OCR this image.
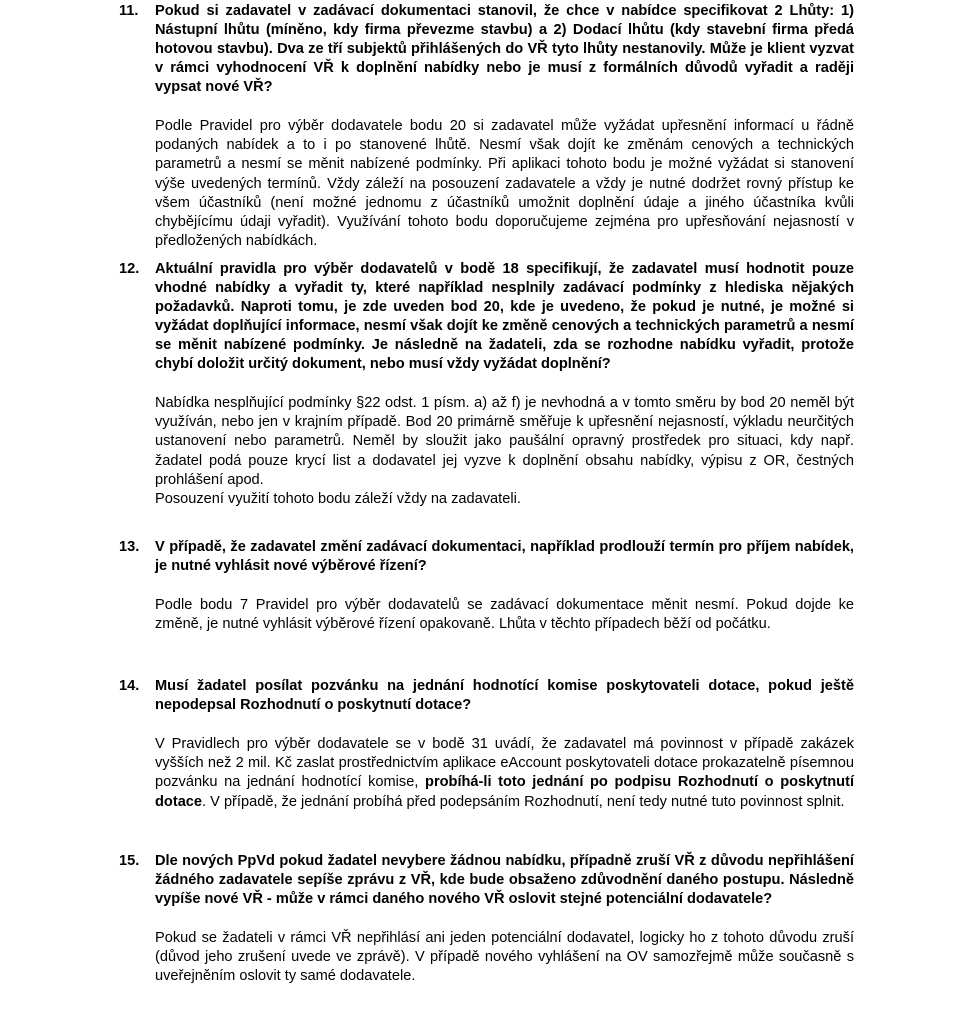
11. Pokud si zadavatel v zadávací dokumentaci stanovil, že chce v nabídce specifikovat 2 Lhůty: 1) Nástupní lhůtu (míněno, kdy firma převezme stavbu) a 2) Dodací lhůtu (kdy stavební firma předá hotovou stavbu). Dva ze tří subjektů přihlášených do VŘ tyto lhůty nestanovily. Může je klient vyzvat v rámci vyhodnocení VŘ k doplnění nabídky nebo je musí z formálních důvodů vyřadit a raději vypsat nové VŘ?

Podle Pravidel pro výběr dodavatele bodu 20 si zadavatel může vyžádat upřesnění informací u řádně podaných nabídek a to i po stanovené lhůtě. Nesmí však dojít ke změnám cenových a technických parametrů a nesmí se měnit nabízené podmínky. Při aplikaci tohoto bodu je možné vyžádat si stanovení výše uvedených termínů. Vždy záleží na posouzení zadavatele a vždy je nutné dodržet rovný přístup ke všem účastníků (není možné jednomu z účastníků umožnit doplnění údaje a jiného účastníka kvůli chybějícímu údaji vyřadit). Využívání tohoto bodu doporučujeme zejména pro upřesňování nejasností v předložených nabídkách.

12. Aktuální pravidla pro výběr dodavatelů v bodě 18 specifikují, že zadavatel musí hodnotit pouze vhodné nabídky a vyřadit ty, které například nesplnily zadávací podmínky z hlediska nějakých požadavků. Naproti tomu, je zde uveden bod 20, kde je uvedeno, že pokud je nutné, je možné si vyžádat doplňující informace, nesmí však dojít ke změně cenových a technických parametrů a nesmí se měnit nabízené podmínky. Je následně na žadateli, zda se rozhodne nabídku vyřadit, protože chybí doložit určitý dokument, nebo musí vždy vyžádat doplnění?

Nabídka nesplňující podmínky §22 odst. 1 písm. a) až f) je nevhodná a v tomto směru by bod 20 neměl být využíván, nebo jen v krajním případě. Bod 20 primárně směřuje k upřesnění nejasností, výkladu neurčitých ustanovení nebo parametrů. Neměl by sloužit jako paušální opravný prostředek pro situaci, kdy např. žadatel podá pouze krycí list a dodavatel jej vyzve k doplnění obsahu nabídky, výpisu z OR, čestných prohlášení apod.

Posouzení využití tohoto bodu záleží vždy na zadavateli.

13. V případě, že zadavatel změní zadávací dokumentaci, například prodlouží termín pro příjem nabídek, je nutné vyhlásit nové výběrové řízení?

Podle bodu 7 Pravidel pro výběr dodavatelů se zadávací dokumentace měnit nesmí. Pokud dojde ke změně, je nutné vyhlásit výběrové řízení opakovaně. Lhůta v těchto případech běží od počátku.

14. Musí žadatel posílat pozvánku na jednání hodnotící komise poskytovateli dotace, pokud ještě nepodepsal Rozhodnutí o poskytnutí dotace?

V Pravidlech pro výběr dodavatele se v bodě 31 uvádí, že zadavatel má povinnost v případě zakázek vyšších než 2 mil. Kč zaslat prostřednictvím aplikace eAccount poskytovateli dotace prokazatelně písemnou pozvánku na jednání hodnotící komise, probíhá-li toto jednání po podpisu Rozhodnutí o poskytnutí dotace. V případě, že jednání probíhá před podepsáním Rozhodnutí, není tedy nutné tuto povinnost splnit.

15. Dle nových PpVd pokud žadatel nevybere žádnou nabídku, případně zruší VŘ z důvodu nepřihlášení žádného zadavatele sepíše zprávu z VŘ, kde bude obsaženo zdůvodnění daného postupu. Následně vypíše nové VŘ - může v rámci daného nového VŘ oslovit stejné potenciální dodavatele?

Pokud se žadateli v rámci VŘ nepřihlásí ani jeden potenciální dodavatel, logicky ho z tohoto důvodu zruší (důvod jeho zrušení uvede ve zprávě). V případě nového vyhlášení na OV samozřejmě může současně s uveřejněním oslovit ty samé dodavatele.
